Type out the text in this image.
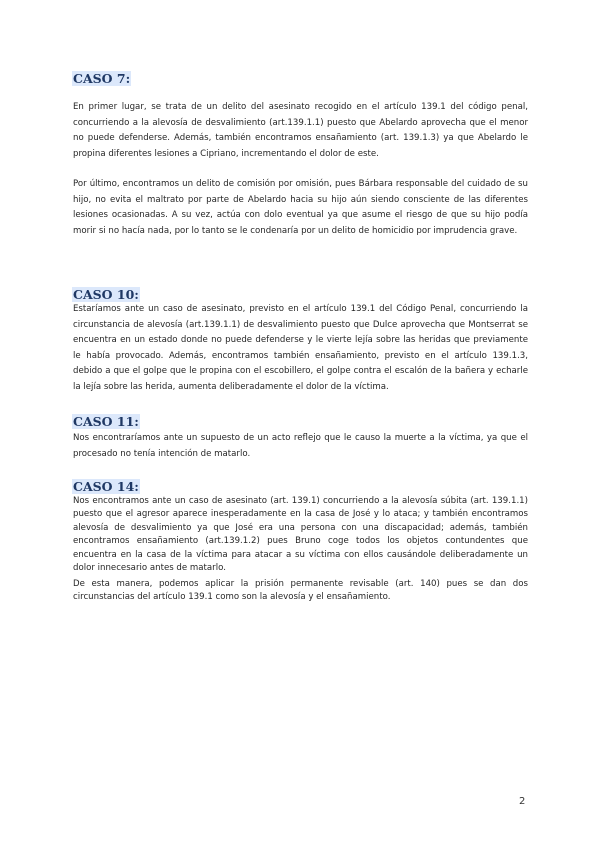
CASO 7:

En primer lugar, se trata de un delito del asesinato recogido en el artículo 139.1 del código penal, concurriendo a la alevosía de desvalimiento (art.139.1.1) puesto que Abelardo aprovecha que el menor no puede defenderse. Además, también encontramos ensañamiento (art. 139.1.3) ya que Abelardo le propina diferentes lesiones a Cipriano, incrementando el dolor de este.

Por último, encontramos un delito de comisión por omisión, pues Bárbara responsable del cuidado de su hijo, no evita el maltrato por parte de Abelardo hacia su hijo aún siendo consciente de las diferentes lesiones ocasionadas. A su vez, actúa con dolo eventual ya que asume el riesgo de que su hijo podía morir si no hacía nada, por lo tanto se le condenaría por un delito de homicidio por imprudencia grave.

CASO 10:

Estaríamos ante un caso de asesinato, previsto en el artículo 139.1 del Código Penal, concurriendo la circunstancia de alevosía (art.139.1.1) de desvalimiento puesto que Dulce aprovecha que Montserrat se encuentra en un estado donde no puede defenderse y le vierte lejía sobre las heridas que previamente le había provocado. Además, encontramos también ensañamiento, previsto en el artículo 139.1.3, debido a que el golpe que le propina con el escobillero, el golpe contra el escalón de la bañera y echarle la lejía sobre las herida, aumenta deliberadamente el dolor de la víctima.

CASO 11:

Nos encontraríamos ante un supuesto de un acto reflejo que le causo la muerte a la víctima, ya que el procesado no tenía intención de matarlo.

CASO 14:

Nos encontramos ante un caso de asesinato (art. 139.1) concurriendo a la alevosía súbita (art. 139.1.1) puesto que el agresor aparece inesperadamente en la casa de José y lo ataca; y también encontramos alevosía de desvalimiento ya que José era una persona con una discapacidad; además, también encontramos ensañamiento (art.139.1.2) pues Bruno coge todos los objetos contundentes que encuentra en la casa de la víctima para atacar a su víctima con ellos causándole deliberadamente un dolor innecesario antes de matarlo.

De esta manera, podemos aplicar la prisión permanente revisable (art. 140) pues se dan dos circunstancias del artículo 139.1 como son la alevosía y el ensañamiento.

2
